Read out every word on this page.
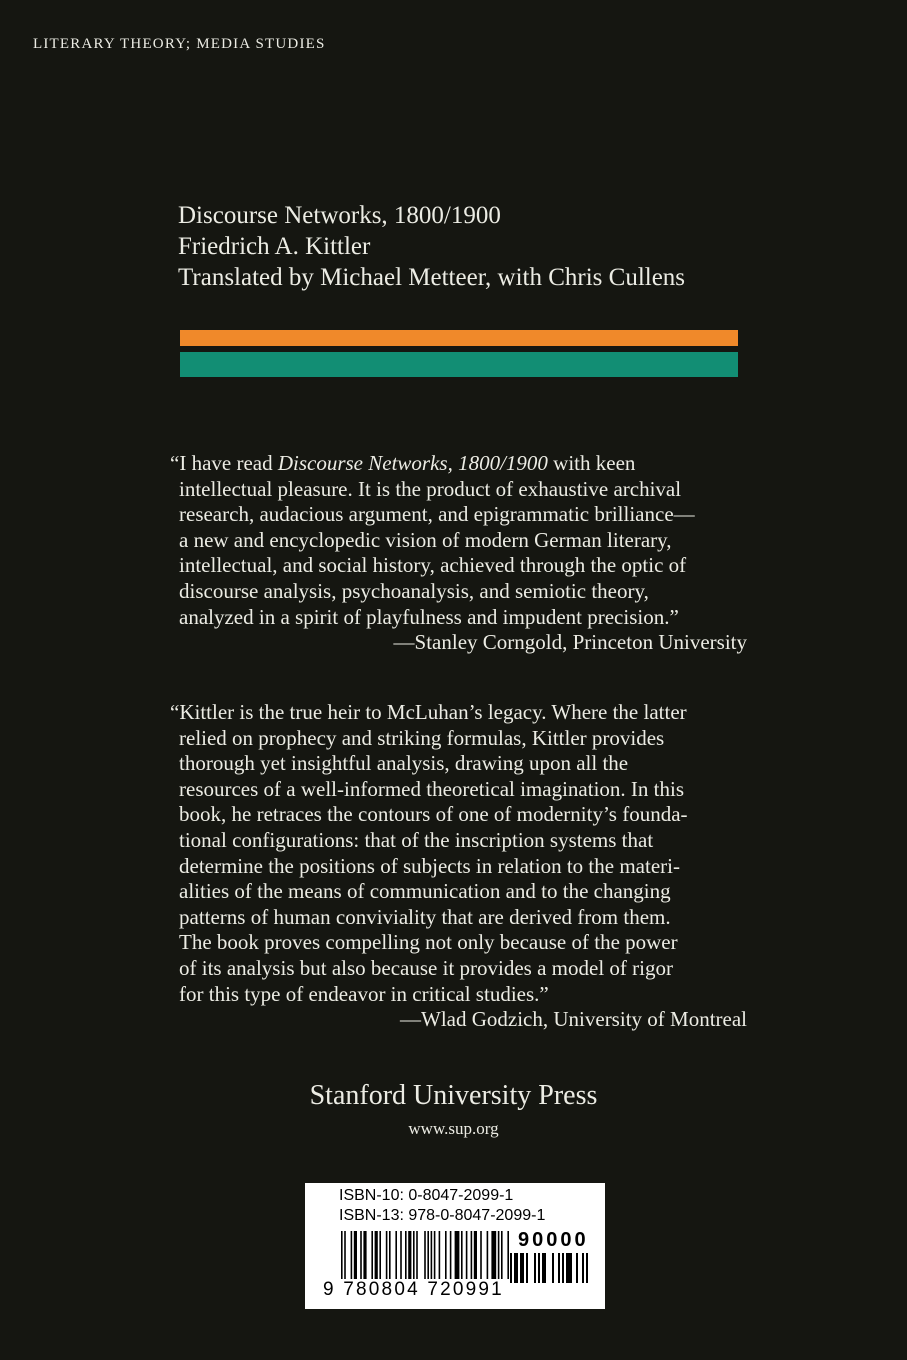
LITERARY THEORY; MEDIA STUDIES
Discourse Networks, 1800/1900
Friedrich A. Kittler
Translated by Michael Metteer, with Chris Cullens
“I have read Discourse Networks, 1800/1900 with keen
intellectual pleasure. It is the product of exhaustive archival
research, audacious argument, and epigrammatic brilliance—
a new and encyclopedic vision of modern German literary,
intellectual, and social history, achieved through the optic of
discourse analysis, psychoanalysis, and semiotic theory,
analyzed in a spirit of playfulness and impudent precision.”
—Stanley Corngold, Princeton University
“Kittler is the true heir to McLuhan’s legacy. Where the latter
relied on prophecy and striking formulas, Kittler provides
thorough yet insightful analysis, drawing upon all the
resources of a well-informed theoretical imagination. In this
book, he retraces the contours of one of modernity’s founda-
tional configurations: that of the inscription systems that
determine the positions of subjects in relation to the materi-
alities of the means of communication and to the changing
patterns of human conviviality that are derived from them.
The book proves compelling not only because of the power
of its analysis but also because it provides a model of rigor
for this type of endeavor in critical studies.”
—Wlad Godzich, University of Montreal
Stanford University Press
www.sup.org
ISBN-10: 0-8047-2099-1
ISBN-13: 978-0-8047-2099-1
90000
9 780804 720991
